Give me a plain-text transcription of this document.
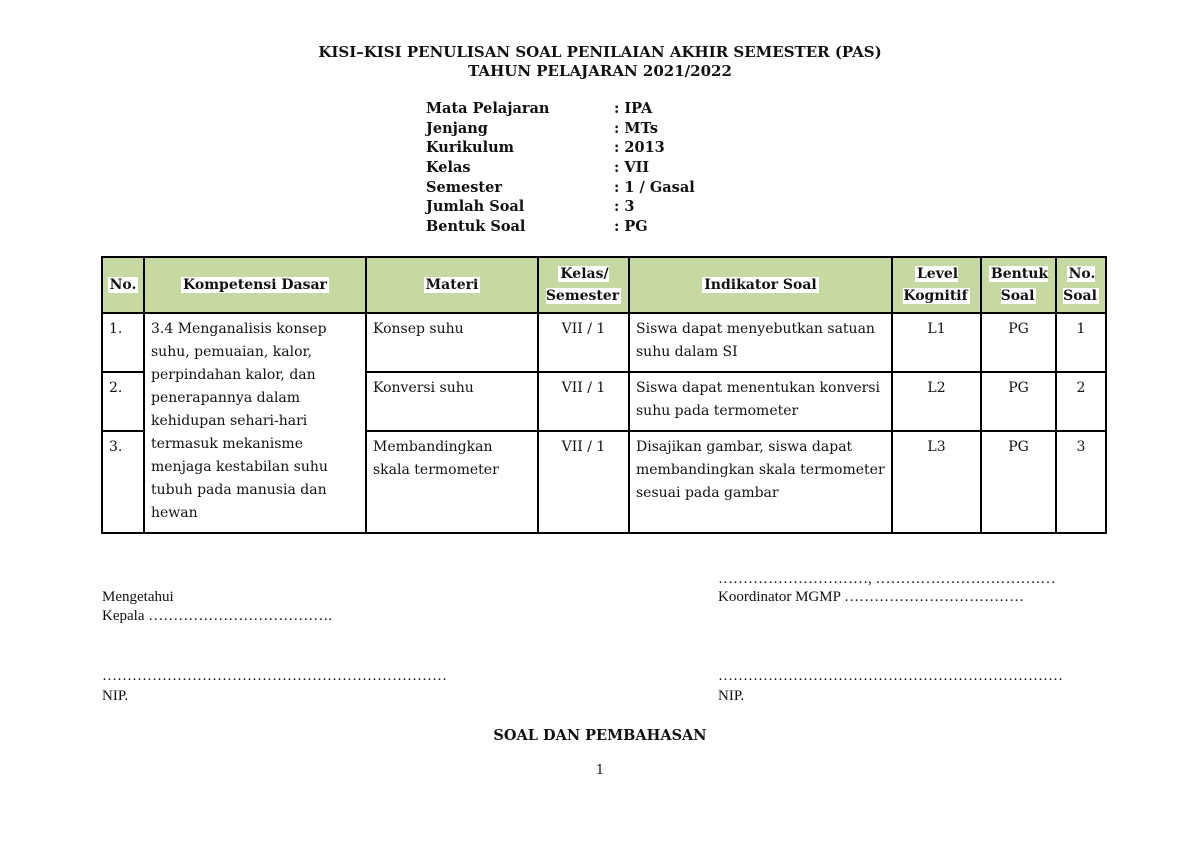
KISI–KISI PENULISAN SOAL PENILAIAN AKHIR SEMESTER (PAS)
TAHUN PELAJARAN 2021/2022
Mata Pelajaran	: IPA
Jenjang	: MTs
Kurikulum	: 2013
Kelas	: VII
Semester	: 1 / Gasal
Jumlah Soal	: 3
Bentuk Soal	: PG
No.	Kompetensi Dasar	Materi	Kelas/ Semester	Indikator Soal	Level Kognitif	Bentuk Soal	No. Soal
1.	3.4 Menganalisis konsep suhu, pemuaian, kalor, perpindahan kalor, dan penerapannya dalam kehidupan sehari-hari termasuk mekanisme menjaga kestabilan suhu tubuh pada manusia dan hewan	Konsep suhu	VII / 1	Siswa dapat menyebutkan satuan suhu dalam SI	L1	PG	1
2.		Konversi suhu	VII / 1	Siswa dapat menentukan konversi suhu pada termometer	L2	PG	2
3.		Membandingkan skala termometer	VII / 1	Disajikan gambar, siswa dapat membandingkan skala termometer sesuai pada gambar	L3	PG	3
Mengetahui
Kepala ……………………………….
……………………………………………………………
NIP.
…………………………, ………………………………
Koordinator MGMP ………………………………
……………………………………………………………
NIP.
SOAL DAN PEMBAHASAN
1
